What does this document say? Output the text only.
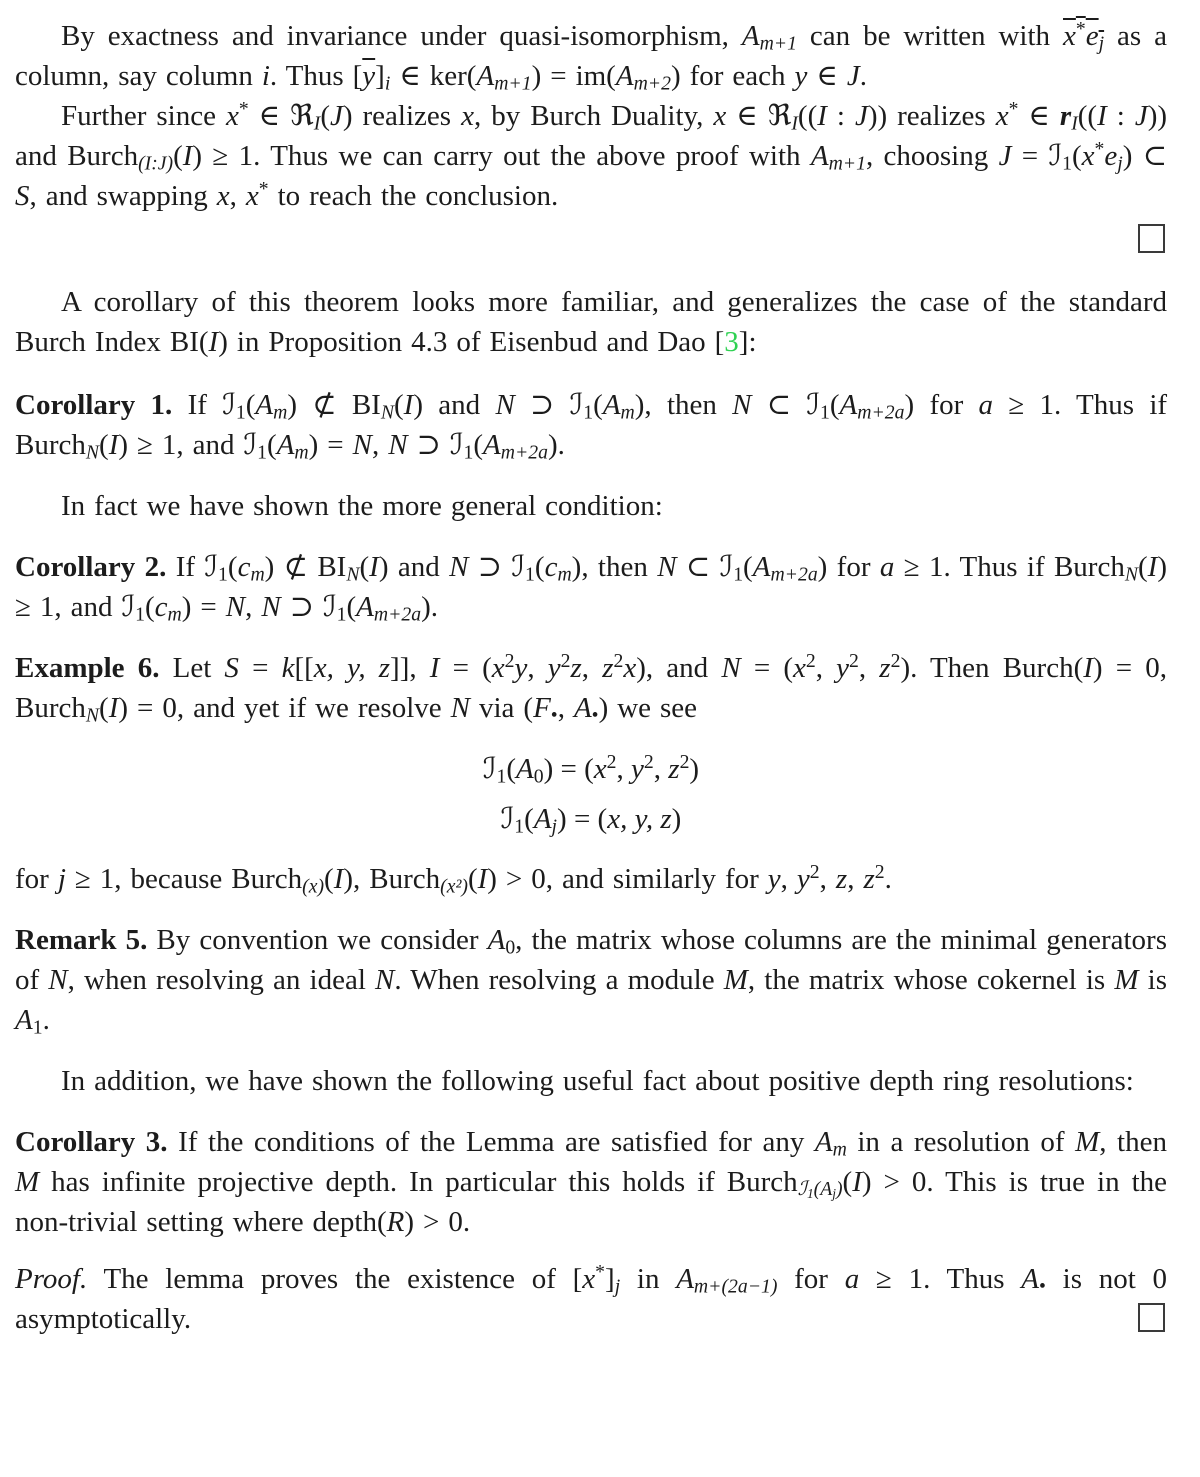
By exactness and invariance under quasi-isomorphism, Am+1 can be written with x*ej as a column, say column i. Thus $[\overline{y}]i$ ∈ ker(Am+1) = im(Am+2) for each y ∈ J.
Further since x* ∈ ℜI(J) realizes x, by Burch Duality, x ∈ ℜI((I : J)) realizes x* ∈ rI((I : J)) and Burch(I:J)(I) ≥ 1. Thus we can carry out the above proof with Am+1, choosing J = ℐ$_1$(x*ej) ⊂ S, and swapping x, x* to reach the conclusion.
A corollary of this theorem looks more familiar, and generalizes the case of the standard Burch Index BI(I) in Proposition 4.3 of Eisenbud and Dao [3]:
Corollary 1. If ℐ$_1$(Am) ⊄ BIN(I) and N ⊃ ℐ$_1$(Am), then N ⊂ ℐ$_1$(Am+2a) for a ≥ 1. Thus if BurchN(I) ≥ 1, and ℐ$_1$(Am) = N, N ⊃ ℐ$_1$(Am+2a).
In fact we have shown the more general condition:
Corollary 2. If ℐ$_1$(cm) ⊄ BIN(I) and N ⊃ ℐ$_1$(cm), then N ⊂ ℐ$_1$(Am+2a) for a ≥ 1. Thus if BurchN(I) ≥ 1, and ℐ$_1$(cm) = N, N ⊃ ℐ$_1$(Am+2a).
Example 6. Let S = k[[x, y, z]], $I = (x^2y$, $y^2z$, $z^2x$), and $N = (x^2$, $y^2$, $z^2$). Then Burch(I) = 0, BurchN(I) = 0, and yet if we resolve N via ($F_•$, $A_•$) we see
$ℐ_1(A_0) = (x^2$, $y^2$, $z^2$)
ℐ$_1$(Aj) = (x, y, z)
for j ≥ 1, because Burch(x)(I), Burch(x²)(I) > 0, and similarly for y, $y^2$, z, $z^2$.
Remark 5. By convention we consider $A_0$, the matrix whose columns are the minimal generators of N, when resolving an ideal N. When resolving a module M, the matrix whose cokernel is M is $A_1$.
In addition, we have shown the following useful fact about positive depth ring resolutions:
Corollary 3. If the conditions of the Lemma are satisfied for any Am in a resolution of M, then M has infinite projective depth. In particular this holds if Burchℐ$_1$(Aj)(I) > 0. This is true in the non-trivial setting where depth(R) > 0.
Proof. The lemma proves the existence of [x*]j in Am+(2a−1) for a ≥ 1. Thus $A_•$ is not 0 asymptotically.
